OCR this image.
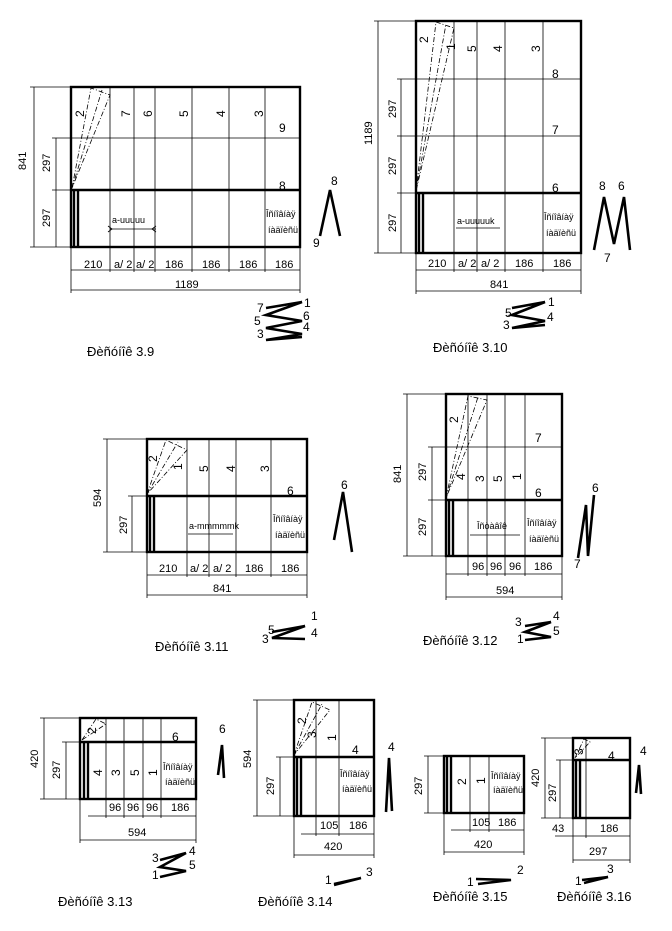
2	7 6 5 4 3
9
8
a-uuuuu
Îñíîâíàÿ
íàäïèñü
841 297
297
210 a/ 2 a/ 2 186 186 186 186
1189
8
9
7	1
5	6
3	4
Đèñóíîê 3.9
2
1 5 4 3
8
7
6
a-uuuuuk	Îñíîâíàÿ
íàäïèñü
1189
297
297
297
210 a/ 2 a/ 2 186 186
841
8 6
7
1
5	4
3
Đèñóíîê 3.10
2
1 5 4 3
6
a-mmmmmk
Îñíîâíàÿ
íàäïèñü
594
297
210 a/ 2 a/ 2 186 186
841
6
1
5
3	4
Đèñóíîê 3.11
2
7
4 3 5 1
6
Îñòàâîê Îñíîâíàÿ
íàäïèñü
841 297
297
96 96 96 186
594
6
7
3	4
5
1
Đèñóíîê 3.12
2	6
4 3 5 1
Îñíîâíàÿ
íàäïèñü
420
297
96 96 96 186
594
6
3	4
5
1
Đèñóíîê 3.13
2
3 1
4
Îñíîâíàÿ
íàäïèñü
594
297
105 186
420
4
1
3
Đèñóíîê 3.14
2 1 Îñíîâíàÿ
íàäïèñü
105 186
420
297
1
2
Đèñóíîê 3.15
3 4
420
297
43	186
297
4
1
3
Đèñóíîê 3.16
